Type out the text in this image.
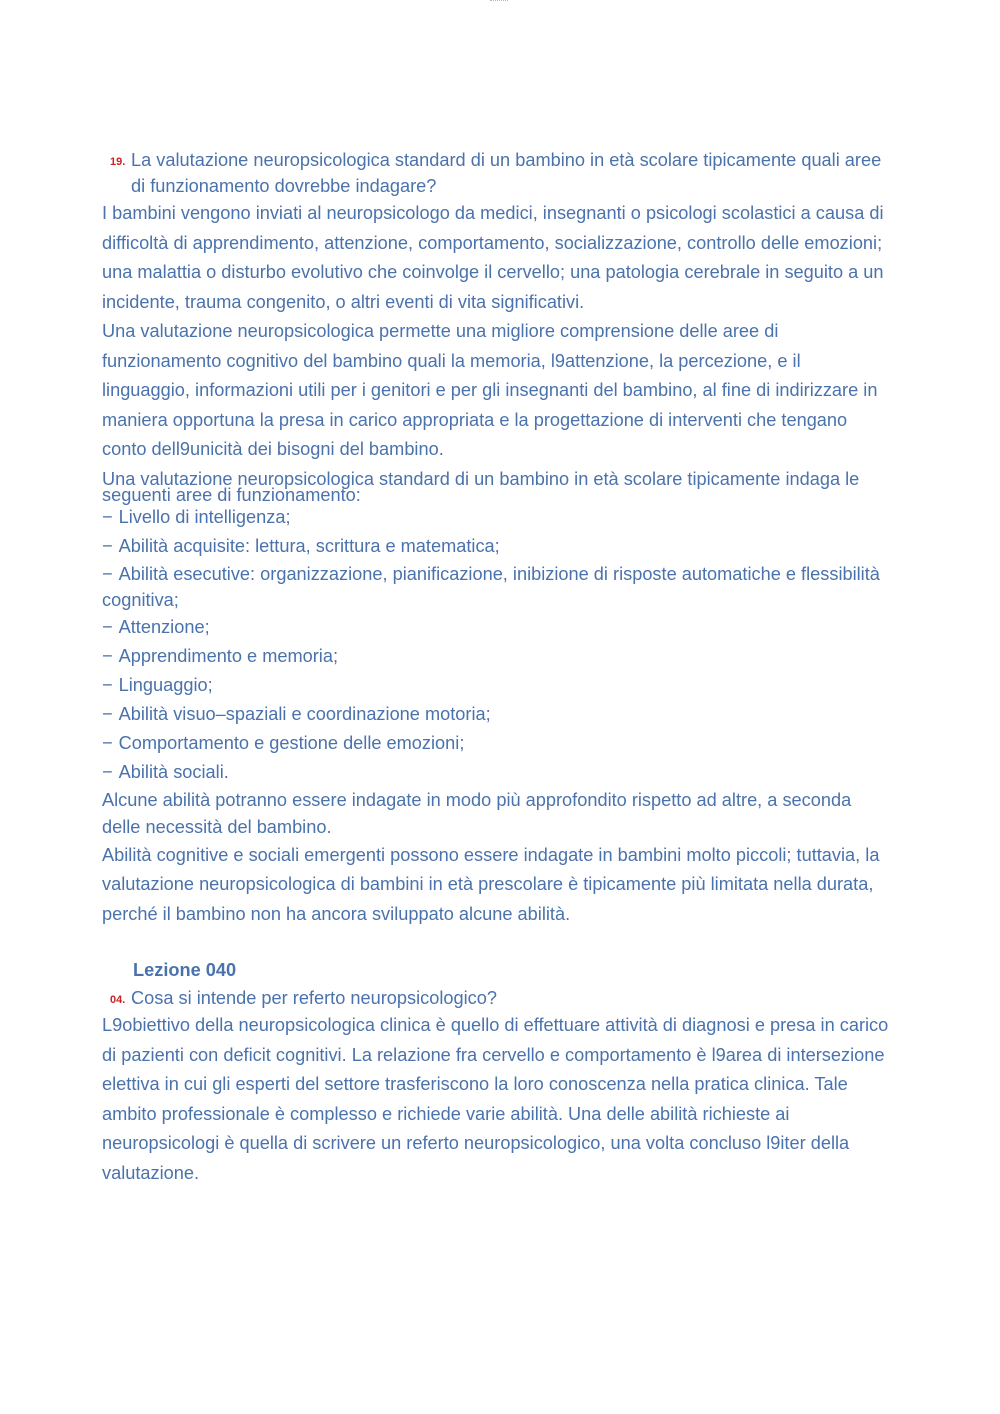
19. La valutazione neuropsicologica standard di un bambino in età scolare tipicamente quali aree di funzionamento dovrebbe indagare?

I bambini vengono inviati al neuropsicologo da medici, insegnanti o psicologi scolastici a causa di difficoltà di apprendimento, attenzione, comportamento, socializzazione, controllo delle emozioni; una malattia o disturbo evolutivo che coinvolge il cervello; una patologia cerebrale in seguito a un incidente, trauma congenito, o altri eventi di vita significativi.

Una valutazione neuropsicologica permette una migliore comprensione delle aree di funzionamento cognitivo del bambino quali la memoria, l9attenzione, la percezione, e il linguaggio, informazioni utili per i genitori e per gli insegnanti del bambino, al fine di indirizzare in maniera opportuna la presa in carico appropriata e la progettazione di interventi che tengano conto dell9unicità dei bisogni del bambino.

Una valutazione neuropsicologica standard di un bambino in età scolare tipicamente indaga le seguenti aree di funzionamento:

− Livello di intelligenza;
− Abilità acquisite: lettura, scrittura e matematica;
− Abilità esecutive: organizzazione, pianificazione, inibizione di risposte automatiche e flessibilità cognitiva;
− Attenzione;
− Apprendimento e memoria;
− Linguaggio;
− Abilità visuo–spaziali e coordinazione motoria;
− Comportamento e gestione delle emozioni;
− Abilità sociali.

Alcune abilità potranno essere indagate in modo più approfondito rispetto ad altre, a seconda delle necessità del bambino.

Abilità cognitive e sociali emergenti possono essere indagate in bambini molto piccoli; tuttavia, la valutazione neuropsicologica di bambini in età prescolare è tipicamente più limitata nella durata, perché il bambino non ha ancora sviluppato alcune abilità.

Lezione 040

04. Cosa si intende per referto neuropsicologico?

L9obiettivo della neuropsicologica clinica è quello di effettuare attività di diagnosi e presa in carico di pazienti con deficit cognitivi. La relazione fra cervello e comportamento è l9area di intersezione elettiva in cui gli esperti del settore trasferiscono la loro conoscenza nella pratica clinica. Tale ambito professionale è complesso e richiede varie abilità. Una delle abilità richieste ai neuropsicologi è quella di scrivere un referto neuropsicologico, una volta concluso l9iter della valutazione.
